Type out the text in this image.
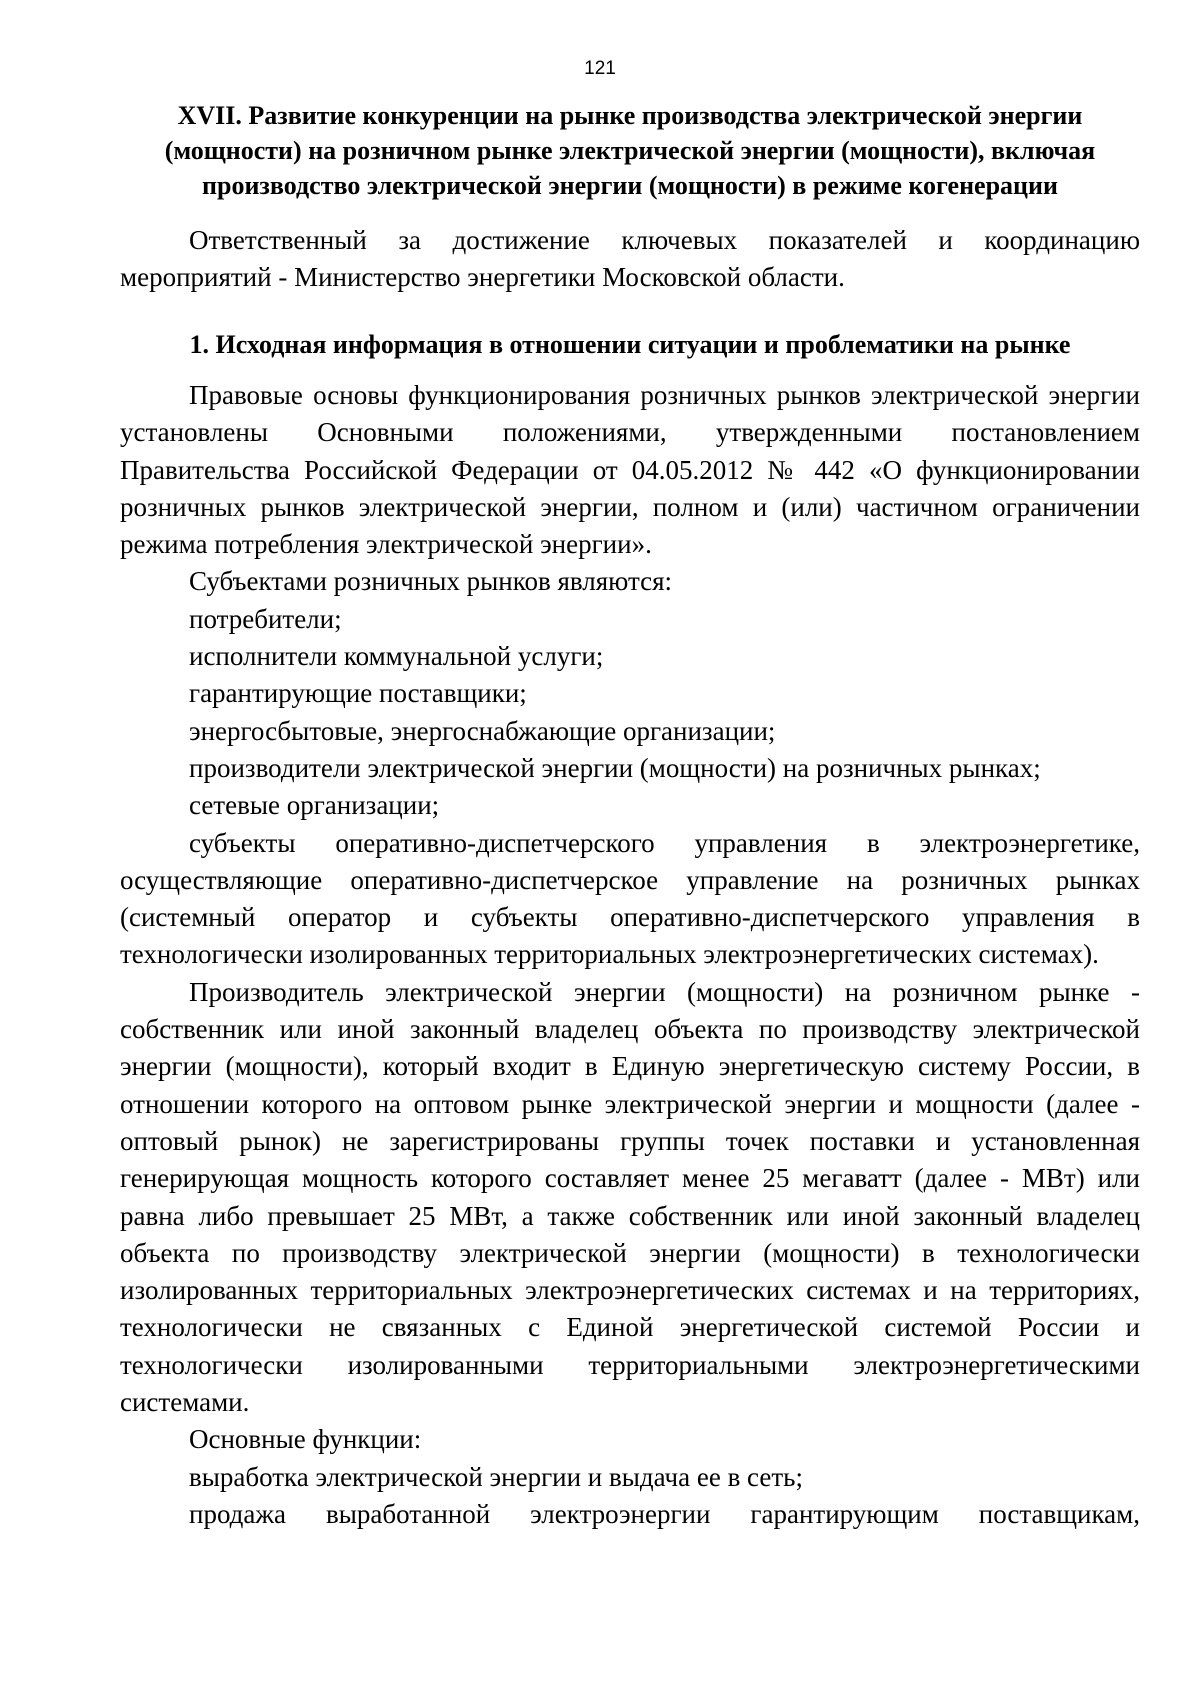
121
XVII. Развитие конкуренции на рынке производства электрической энергии
(мощности) на розничном рынке электрической энергии (мощности), включая
производство электрической энергии (мощности) в режиме когенерации

Ответственный за достижение ключевых показателей и координацию мероприятий - Министерство энергетики Московской области.

1. Исходная информация в отношении ситуации и проблематики на рынке

Правовые основы функционирования розничных рынков электрической энергии установлены Основными положениями, утвержденными постановлением Правительства Российской Федерации от 04.05.2012 № 442 «О функционировании розничных рынков электрической энергии, полном и (или) частичном ограничении режима потребления электрической энергии».

Субъектами розничных рынков являются:

потребители;

исполнители коммунальной услуги;

гарантирующие поставщики;

энергосбытовые, энергоснабжающие организации;

производители электрической энергии (мощности) на розничных рынках;

сетевые организации;

субъекты оперативно-диспетчерского управления в электроэнергетике, осуществляющие оперативно-диспетчерское управление на розничных рынках (системный оператор и субъекты оперативно-диспетчерского управления в технологически изолированных территориальных электроэнергетических системах).

Производитель электрической энергии (мощности) на розничном рынке - собственник или иной законный владелец объекта по производству электрической энергии (мощности), который входит в Единую энергетическую систему России, в отношении которого на оптовом рынке электрической энергии и мощности (далее - оптовый рынок) не зарегистрированы группы точек поставки и установленная генерирующая мощность которого составляет менее 25 мегаватт (далее - МВт) или равна либо превышает 25 МВт, а также собственник или иной законный владелец объекта по производству электрической энергии (мощности) в технологически изолированных территориальных электроэнергетических системах и на территориях, технологически не связанных с Единой энергетической системой России и технологически изолированными территориальными электроэнергетическими системами.

Основные функции:

выработка электрической энергии и выдача ее в сеть;

продажа выработанной электроэнергии гарантирующим поставщикам,
